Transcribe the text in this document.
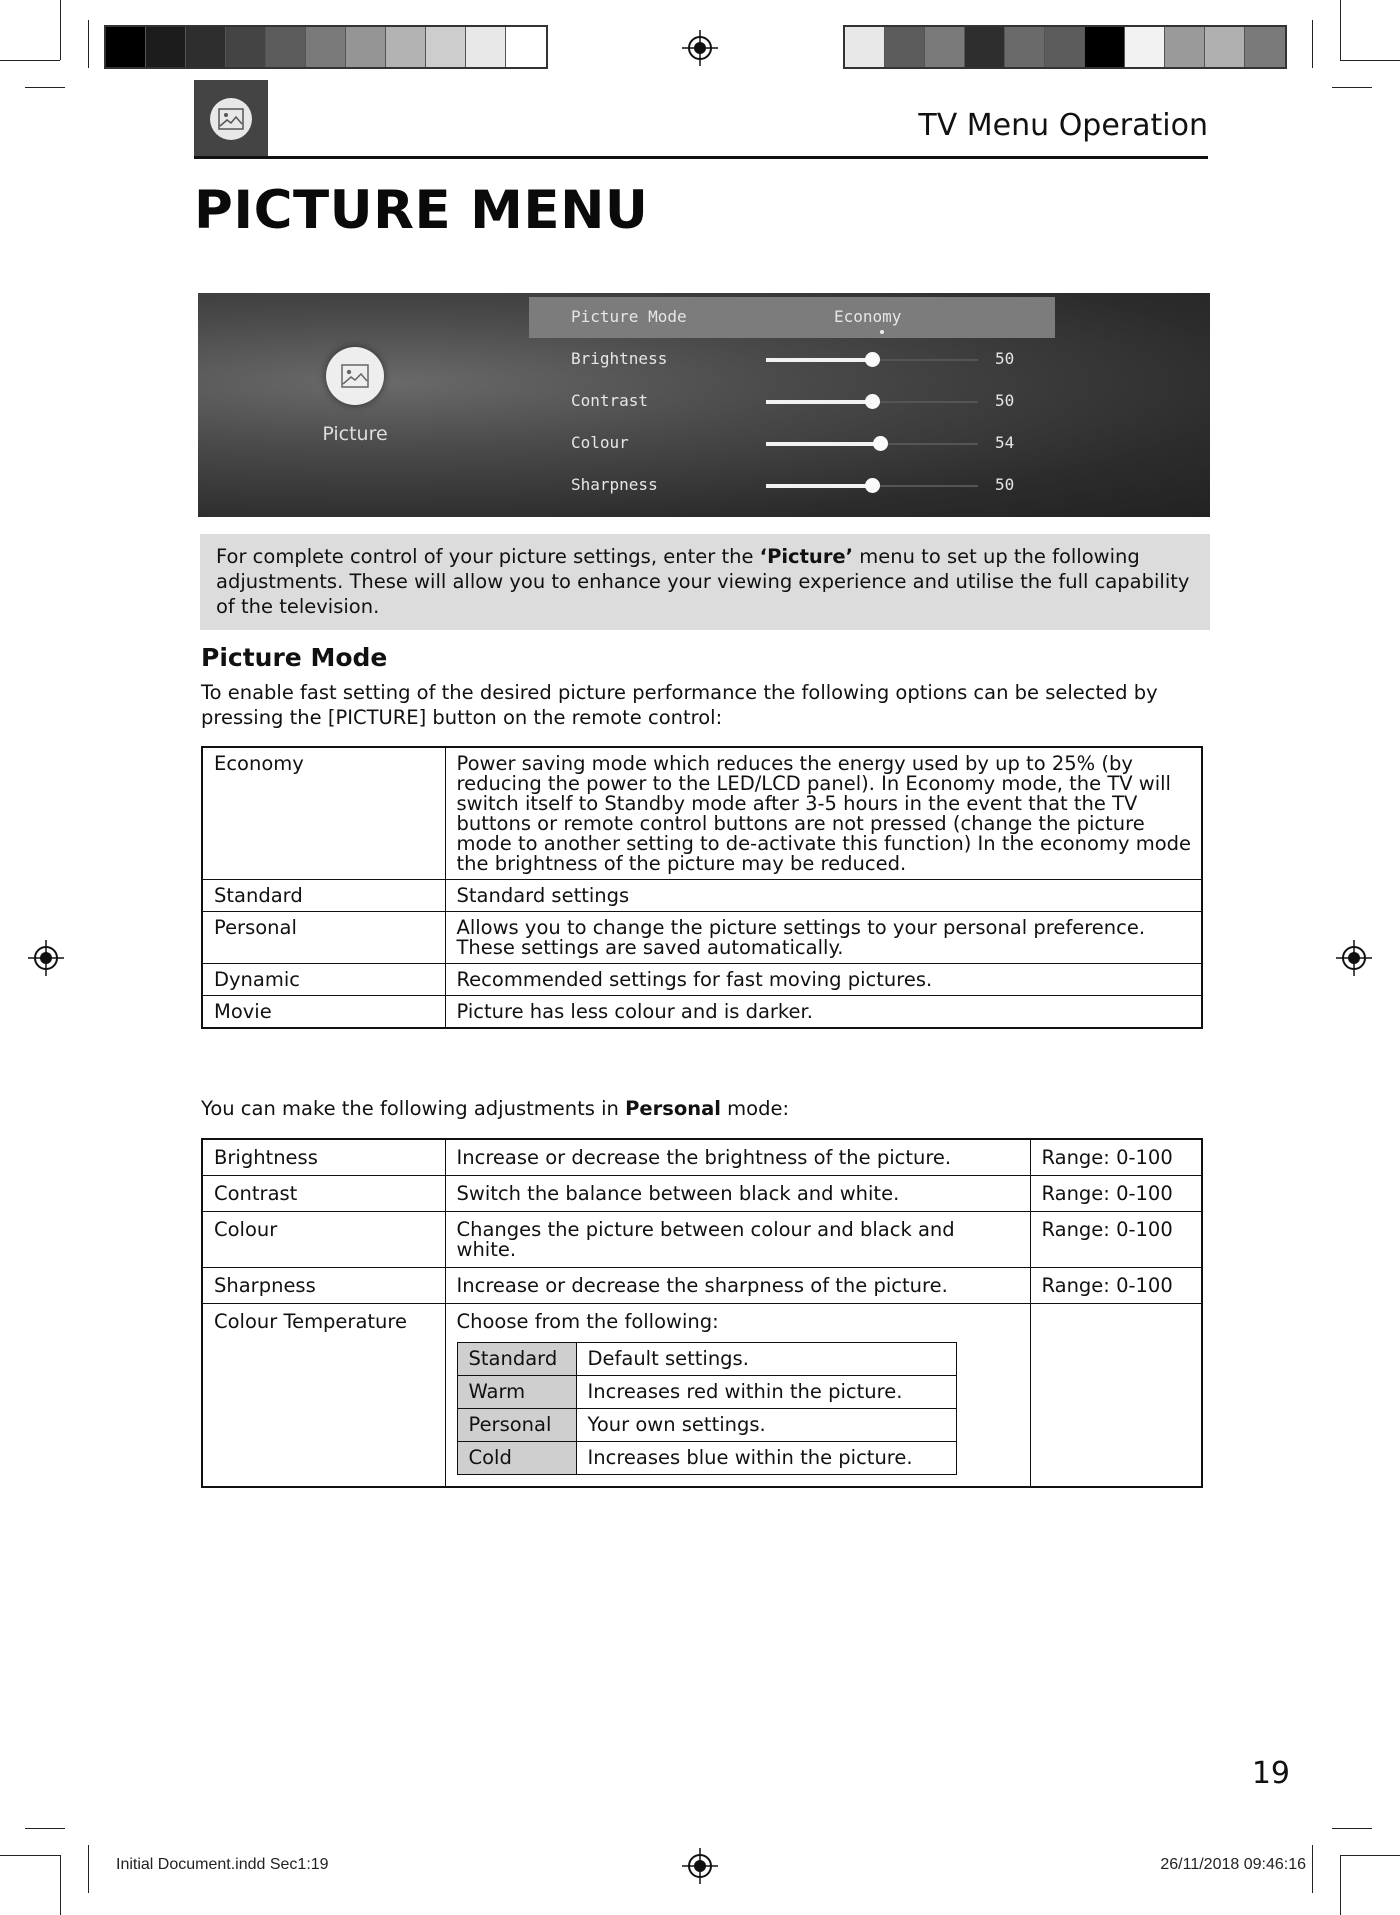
TV Menu Operation
PICTURE MENU
Picture
Picture Mode	Economy
Brightness	50
Contrast	50
Colour	54
Sharpness	50
For complete control of your picture settings, enter the ‘Picture’ menu to set up the following adjustments. These will allow you to enhance your viewing experience and utilise the full capability of the television.
Picture Mode

To enable fast setting of the desired picture performance the following options can be selected by pressing the [PICTURE] button on the remote control:

Economy	Power saving mode which reduces the energy used by up to 25% (by reducing the power to the LED/LCD panel). In Economy mode, the TV will switch itself to Standby mode after 3-5 hours in the event that the TV buttons or remote control buttons are not pressed (change the picture mode to another setting to de-activate this function) In the economy mode the brightness of the picture may be reduced.
Standard	Standard settings
Personal	Allows you to change the picture settings to your personal preference. These settings are saved automatically.
Dynamic	Recommended settings for fast moving pictures.
Movie	Picture has less colour and is darker.

You can make the following adjustments in Personal mode:

Brightness	Increase or decrease the brightness of the picture.	Range: 0-100
Contrast	Switch the balance between black and white.	Range: 0-100
Colour	Changes the picture between colour and black and white.	Range: 0-100
Sharpness	Increase or decrease the sharpness of the picture.	Range: 0-100
Colour Temperature	Choose from the following:
Standard	Default settings.
Warm	Increases red within the picture.
Personal	Your own settings.
Cold	Increases blue within the picture.

19
Initial Document.indd Sec1:19	26/11/2018 09:46:16
